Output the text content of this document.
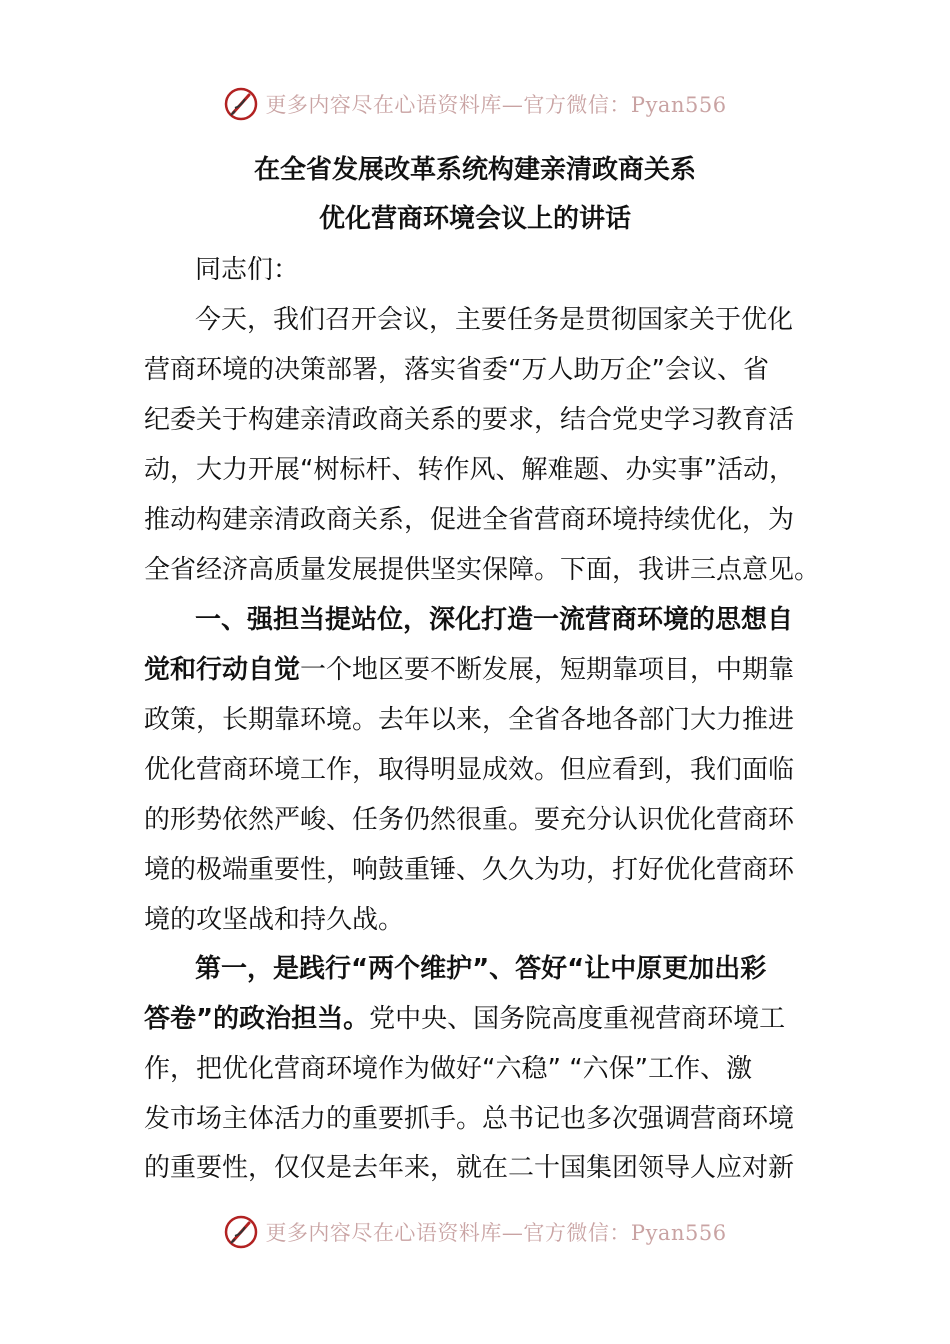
更多内容尽在心语资料库—官方微信：Pyan556
在全省发展改革系统构建亲清政商关系
优化营商环境会议上的讲话
同志们：
今天，我们召开会议，主要任务是贯彻国家关于优化
营商环境的决策部署，落实省委“万人助万企”会议、省
纪委关于构建亲清政商关系的要求，结合党史学习教育活
动，大力开展“树标杆、转作风、解难题、办实事”活动，
推动构建亲清政商关系，促进全省营商环境持续优化，为
全省经济高质量发展提供坚实保障。下面，我讲三点意见。
一、强担当提站位，深化打造一流营商环境的思想自
觉和行动自觉一个地区要不断发展，短期靠项目，中期靠
政策，长期靠环境。去年以来，全省各地各部门大力推进
优化营商环境工作，取得明显成效。但应看到，我们面临
的形势依然严峻、任务仍然很重。要充分认识优化营商环
境的极端重要性，响鼓重锤、久久为功，打好优化营商环
境的攻坚战和持久战。
第一，是践行“两个维护”、答好“让中原更加出彩
答卷”的政治担当。党中央、国务院高度重视营商环境工
作，把优化营商环境作为做好“六稳” “六保”工作、激
发市场主体活力的重要抓手。总书记也多次强调营商环境
的重要性，仅仅是去年来，就在二十国集团领导人应对新
更多内容尽在心语资料库—官方微信：Pyan556
